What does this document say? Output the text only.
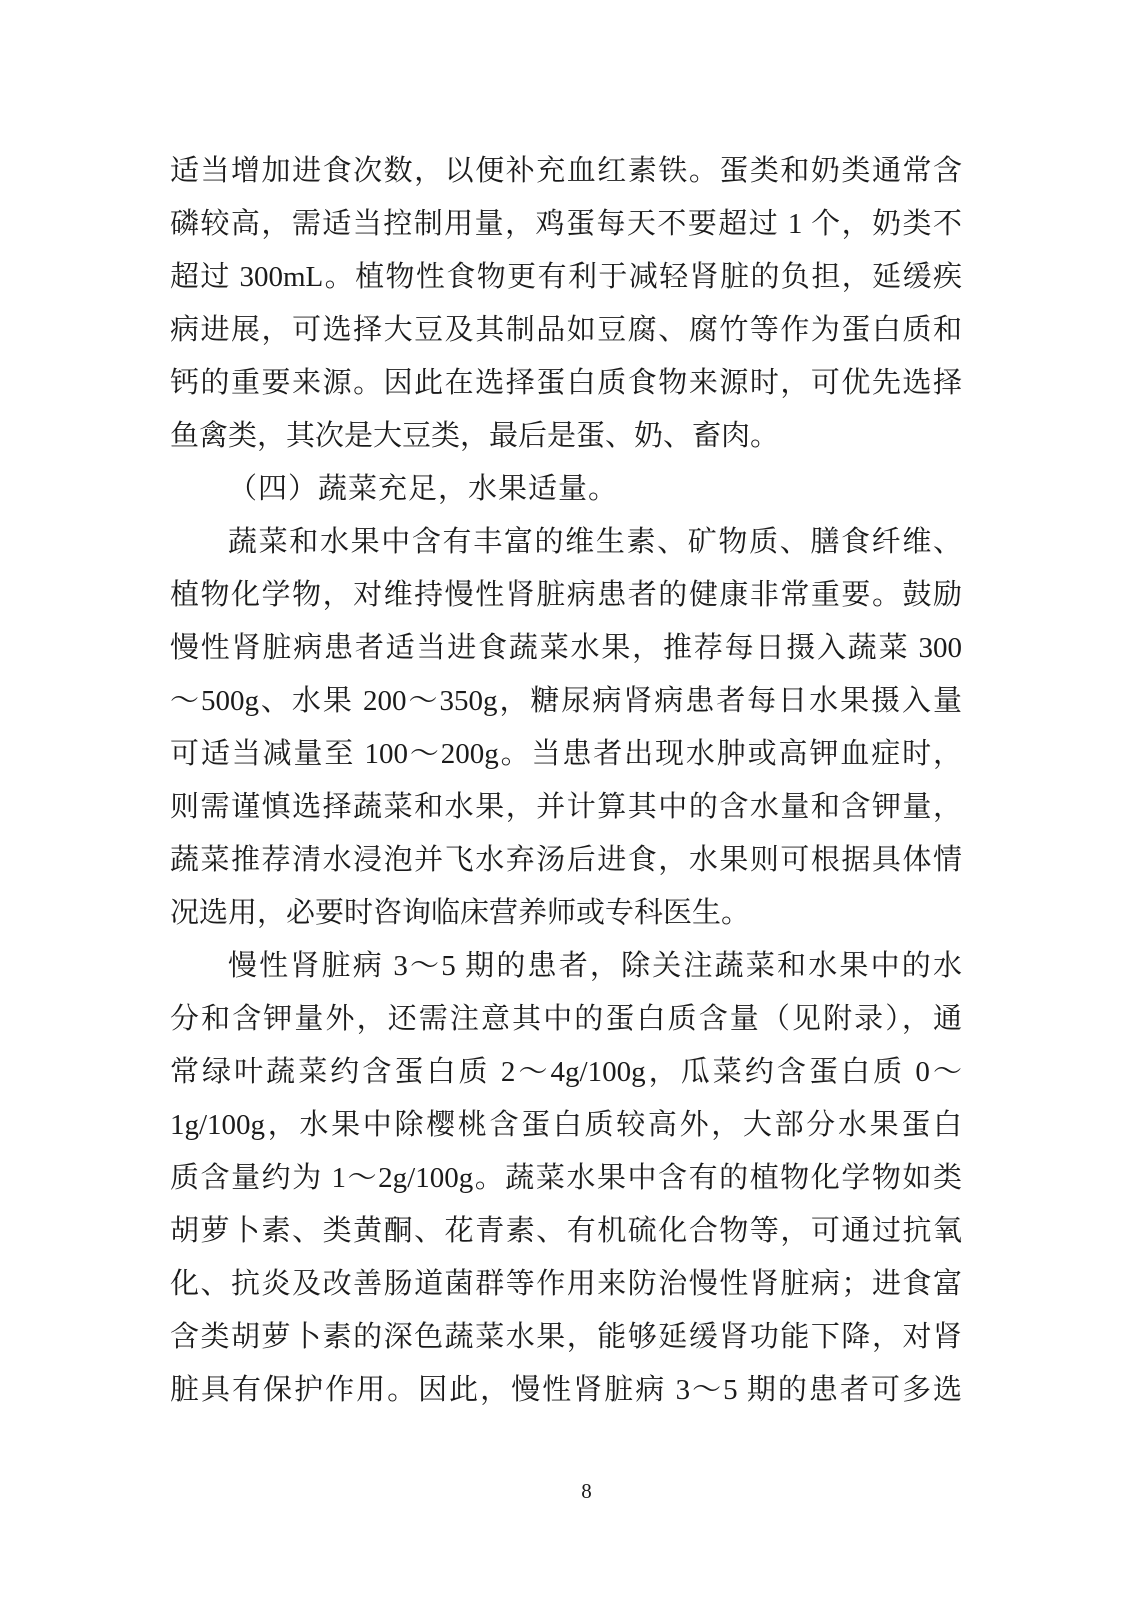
适当增加进食次数，以便补充血红素铁。蛋类和奶类通常含
磷较高，需适当控制用量，鸡蛋每天不要超过 1 个，奶类不
超过 300mL。植物性食物更有利于减轻肾脏的负担，延缓疾
病进展，可选择大豆及其制品如豆腐、腐竹等作为蛋白质和
钙的重要来源。因此在选择蛋白质食物来源时，可优先选择
鱼禽类，其次是大豆类，最后是蛋、奶、畜肉。
（四）蔬菜充足，水果适量。
蔬菜和水果中含有丰富的维生素、矿物质、膳食纤维、
植物化学物，对维持慢性肾脏病患者的健康非常重要。鼓励
慢性肾脏病患者适当进食蔬菜水果，推荐每日摄入蔬菜 300
～500g、水果 200～350g，糖尿病肾病患者每日水果摄入量
可适当减量至 100～200g。当患者出现水肿或高钾血症时，
则需谨慎选择蔬菜和水果，并计算其中的含水量和含钾量，
蔬菜推荐清水浸泡并飞水弃汤后进食，水果则可根据具体情
况选用，必要时咨询临床营养师或专科医生。
慢性肾脏病 3～5 期的患者，除关注蔬菜和水果中的水
分和含钾量外，还需注意其中的蛋白质含量（见附录），通
常绿叶蔬菜约含蛋白质 2～4g/100g，瓜菜约含蛋白质 0～
1g/100g，水果中除樱桃含蛋白质较高外，大部分水果蛋白
质含量约为 1～2g/100g。蔬菜水果中含有的植物化学物如类
胡萝卜素、类黄酮、花青素、有机硫化合物等，可通过抗氧
化、抗炎及改善肠道菌群等作用来防治慢性肾脏病；进食富
含类胡萝卜素的深色蔬菜水果，能够延缓肾功能下降，对肾
脏具有保护作用。因此，慢性肾脏病 3～5 期的患者可多选
8
